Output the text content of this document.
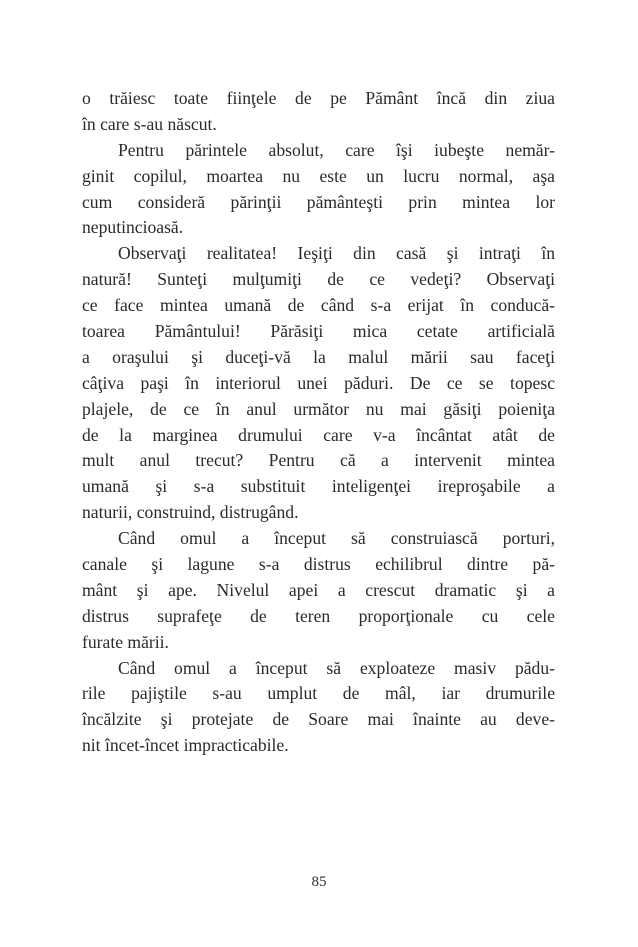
o trăiesc toate fiinţele de pe Pământ încă din ziua
în care s-au născut.
Pentru părintele absolut, care îşi iubeşte nemăr-
ginit copilul, moartea nu este un lucru normal, aşa
cum consideră părinţii pământeşti prin mintea lor
neputincioasă.
Observaţi realitatea! Ieşiţi din casă şi intraţi în
natură! Sunteţi mulţumiţi de ce vedeţi? Observaţi
ce face mintea umană de când s-a erijat în conducă-
toarea Pământului! Părăsiţi mica cetate artificială
a oraşului şi duceţi-vă la malul mării sau faceţi
câţiva paşi în interiorul unei păduri. De ce se topesc
plajele, de ce în anul următor nu mai găsiţi poieniţa
de la marginea drumului care v-a încântat atât de
mult anul trecut? Pentru că a intervenit mintea
umană şi s-a substituit inteligenţei ireproşabile a
naturii, construind, distrugând.
Când omul a început să construiască porturi,
canale şi lagune s-a distrus echilibrul dintre pă-
mânt şi ape. Nivelul apei a crescut dramatic şi a
distrus suprafeţe de teren proporţionale cu cele
furate mării.
Când omul a început să exploateze masiv pădu-
rile pajiştile s-au umplut de mâl, iar drumurile
încălzite şi protejate de Soare mai înainte au deve-
nit încet-încet impracticabile.
85
